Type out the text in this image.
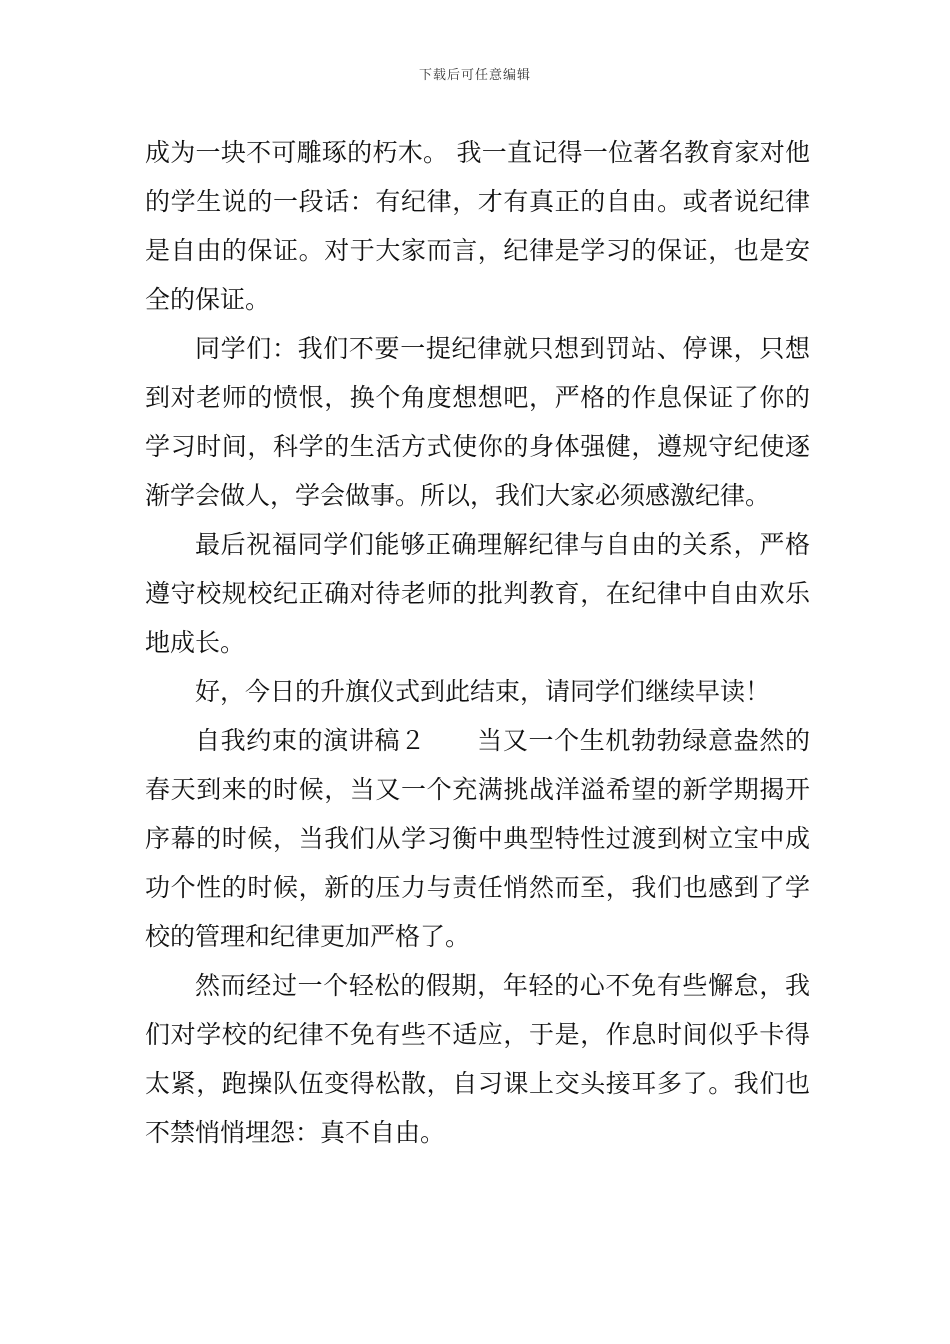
下载后可任意编辑

成为一块不可雕琢的朽木。 我一直记得一位著名教育家对他的学生说的一段话：有纪律，才有真正的自由。或者说纪律是自由的保证。对于大家而言，纪律是学习的保证，也是安全的保证。

同学们：我们不要一提纪律就只想到罚站、停课，只想到对老师的愤恨，换个角度想想吧，严格的作息保证了你的学习时间，科学的生活方式使你的身体强健，遵规守纪使逐渐学会做人，学会做事。所以，我们大家必须感激纪律。

最后祝福同学们能够正确理解纪律与自由的关系，严格遵守校规校纪正确对待老师的批判教育，在纪律中自由欢乐地成长。

好，今日的升旗仪式到此结束，请同学们继续早读！

自我约束的演讲稿２　　当又一个生机勃勃绿意盎然的春天到来的时候，当又一个充满挑战洋溢希望的新学期揭开序幕的时候，当我们从学习衡中典型特性过渡到树立宝中成功个性的时候，新的压力与责任悄然而至，我们也感到了学校的管理和纪律更加严格了。

然而经过一个轻松的假期，年轻的心不免有些懈怠，我们对学校的纪律不免有些不适应，于是，作息时间似乎卡得太紧，跑操队伍变得松散，自习课上交头接耳多了。我们也不禁悄悄埋怨：真不自由。
